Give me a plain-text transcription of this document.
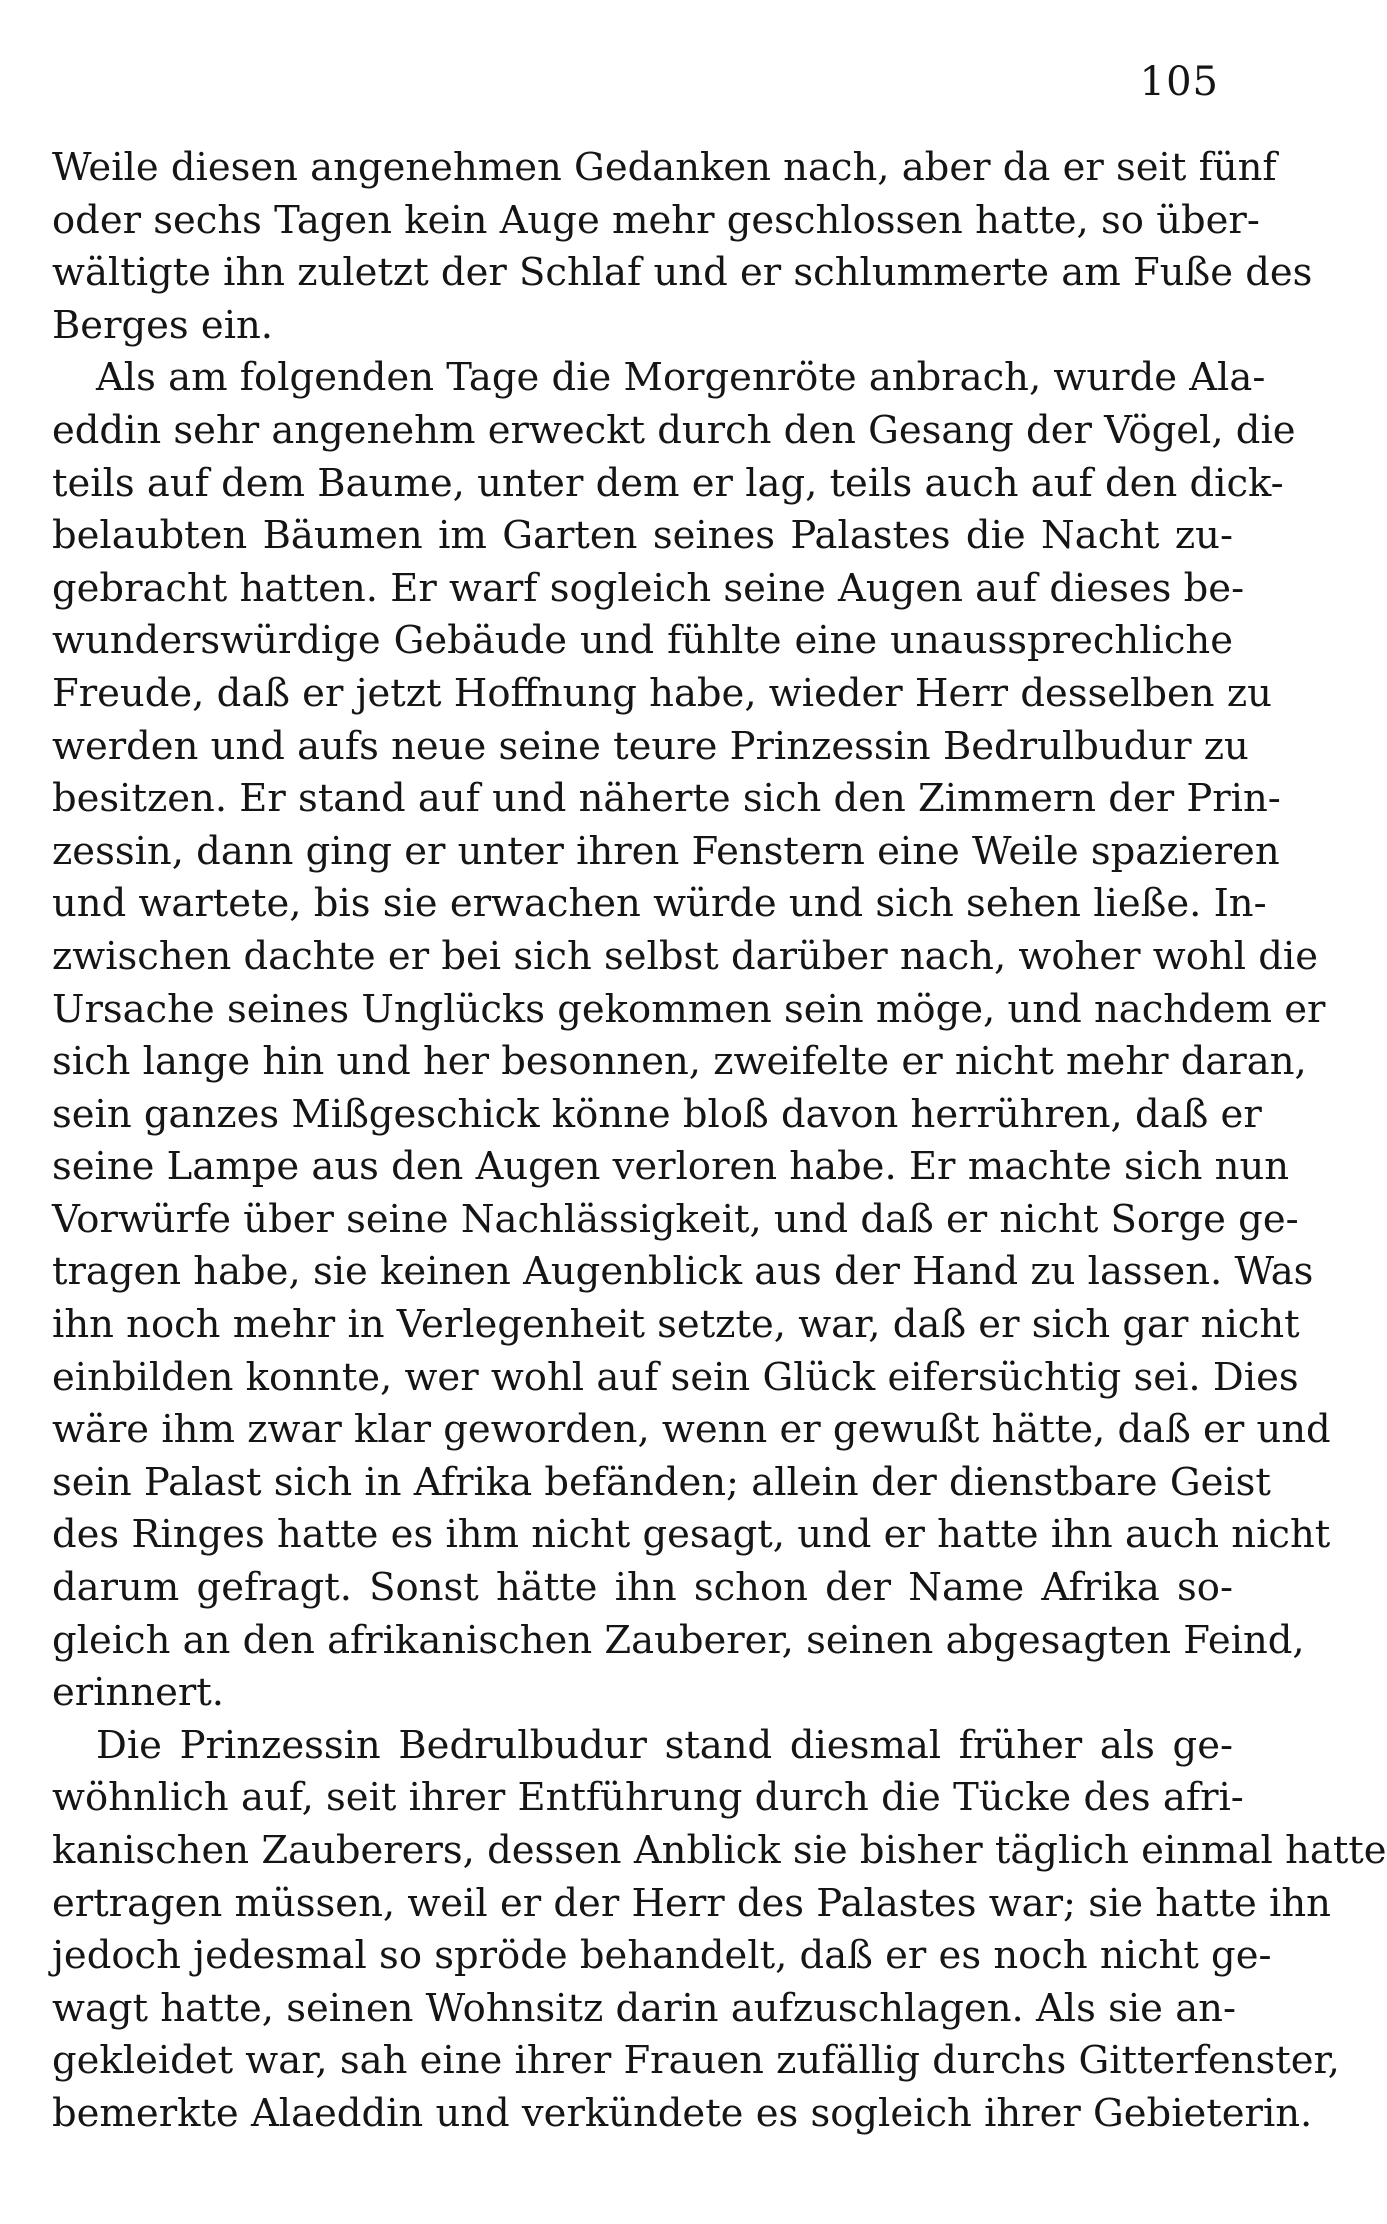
105
Weile diesen angenehmen Gedanken nach, aber da er seit fünf
oder sechs Tagen kein Auge mehr geschlossen hatte, so über-
wältigte ihn zuletzt der Schlaf und er schlummerte am Fuße des
Berges ein.
Als am folgenden Tage die Morgenröte anbrach, wurde Ala-
eddin sehr angenehm erweckt durch den Gesang der Vögel, die
teils auf dem Baume, unter dem er lag, teils auch auf den dick-
belaubten Bäumen im Garten seines Palastes die Nacht zu-
gebracht hatten. Er warf sogleich seine Augen auf dieses be-
wunderswürdige Gebäude und fühlte eine unaussprechliche
Freude, daß er jetzt Hoffnung habe, wieder Herr desselben zu
werden und aufs neue seine teure Prinzessin Bedrulbudur zu
besitzen. Er stand auf und näherte sich den Zimmern der Prin-
zessin, dann ging er unter ihren Fenstern eine Weile spazieren
und wartete, bis sie erwachen würde und sich sehen ließe. In-
zwischen dachte er bei sich selbst darüber nach, woher wohl die
Ursache seines Unglücks gekommen sein möge, und nachdem er
sich lange hin und her besonnen, zweifelte er nicht mehr daran,
sein ganzes Mißgeschick könne bloß davon herrühren, daß er
seine Lampe aus den Augen verloren habe. Er machte sich nun
Vorwürfe über seine Nachlässigkeit, und daß er nicht Sorge ge-
tragen habe, sie keinen Augenblick aus der Hand zu lassen. Was
ihn noch mehr in Verlegenheit setzte, war, daß er sich gar nicht
einbilden konnte, wer wohl auf sein Glück eifersüchtig sei. Dies
wäre ihm zwar klar geworden, wenn er gewußt hätte, daß er und
sein Palast sich in Afrika befänden; allein der dienstbare Geist
des Ringes hatte es ihm nicht gesagt, und er hatte ihn auch nicht
darum gefragt. Sonst hätte ihn schon der Name Afrika so-
gleich an den afrikanischen Zauberer, seinen abgesagten Feind,
erinnert.
Die Prinzessin Bedrulbudur stand diesmal früher als ge-
wöhnlich auf, seit ihrer Entführung durch die Tücke des afri-
kanischen Zauberers, dessen Anblick sie bisher täglich einmal hatte
ertragen müssen, weil er der Herr des Palastes war; sie hatte ihn
jedoch jedesmal so spröde behandelt, daß er es noch nicht ge-
wagt hatte, seinen Wohnsitz darin aufzuschlagen. Als sie an-
gekleidet war, sah eine ihrer Frauen zufällig durchs Gitterfenster,
bemerkte Alaeddin und verkündete es sogleich ihrer Gebieterin.
